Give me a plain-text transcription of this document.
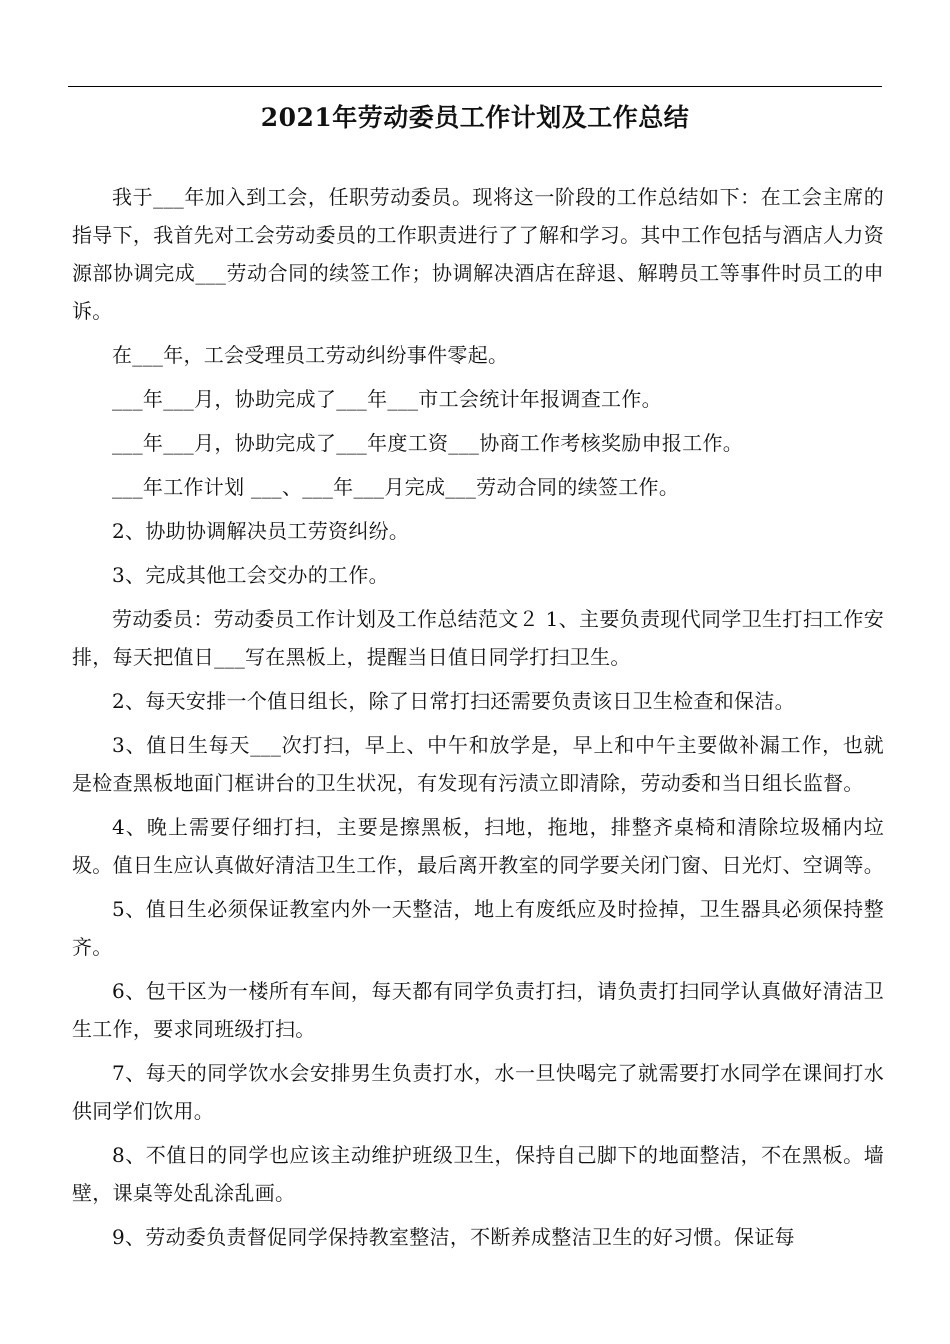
2021年劳动委员工作计划及工作总结

我于___年加入到工会，任职劳动委员。现将这一阶段的工作总结如下：在工会主席的指导下，我首先对工会劳动委员的工作职责进行了了解和学习。其中工作包括与酒店人力资源部协调完成___劳动合同的续签工作；协调解决酒店在辞退、解聘员工等事件时员工的申诉。

在___年，工会受理员工劳动纠纷事件零起。

___年___月，协助完成了___年___市工会统计年报调查工作。

___年___月，协助完成了___年度工资___协商工作考核奖励申报工作。

___年工作计划 ___、___年___月完成___劳动合同的续签工作。

2、协助协调解决员工劳资纠纷。

3、完成其他工会交办的工作。

劳动委员：劳动委员工作计划及工作总结范文２ 1、主要负责现代同学卫生打扫工作安排，每天把值日___写在黑板上，提醒当日值日同学打扫卫生。

2、每天安排一个值日组长，除了日常打扫还需要负责该日卫生检查和保洁。

3、值日生每天___次打扫，早上、中午和放学是，早上和中午主要做补漏工作，也就是检查黑板地面门框讲台的卫生状况，有发现有污渍立即清除，劳动委和当日组长监督。

4、晚上需要仔细打扫，主要是擦黑板，扫地，拖地，排整齐桌椅和清除垃圾桶内垃圾。值日生应认真做好清洁卫生工作，最后离开教室的同学要关闭门窗、日光灯、空调等。

5、值日生必须保证教室内外一天整洁，地上有废纸应及时捡掉，卫生器具必须保持整齐。

6、包干区为一楼所有车间，每天都有同学负责打扫，请负责打扫同学认真做好清洁卫生工作，要求同班级打扫。

7、每天的同学饮水会安排男生负责打水，水一旦快喝完了就需要打水同学在课间打水供同学们饮用。

8、不值日的同学也应该主动维护班级卫生，保持自己脚下的地面整洁，不在黑板。墙壁，课桌等处乱涂乱画。

9、劳动委负责督促同学保持教室整洁，不断养成整洁卫生的好习惯。保证每
